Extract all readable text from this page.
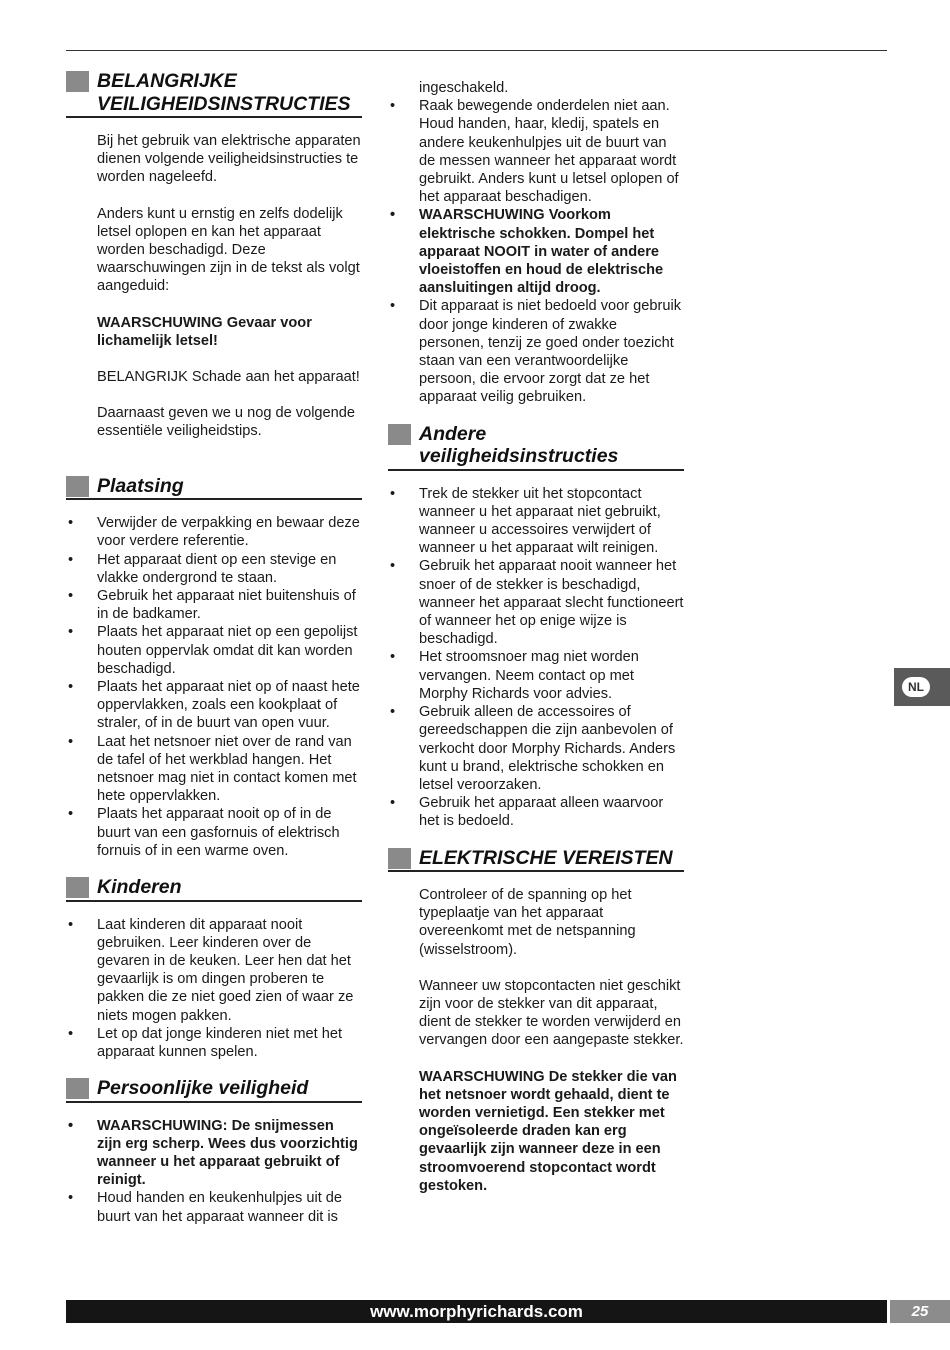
BELANGRIJKE
VEILIGHEIDSINSTRUCTIES

Bij het gebruik van elektrische apparaten dienen volgende veiligheidsinstructies te worden nageleefd.

Anders kunt u ernstig en zelfs dodelijk letsel oplopen en kan het apparaat worden beschadigd. Deze waarschuwingen zijn in de tekst als volgt aangeduid:

WAARSCHUWING Gevaar voor lichamelijk letsel!

BELANGRIJK Schade aan het apparaat!

Daarnaast geven we u nog de volgende essentiële veiligheidstips.

Plaatsing
• Verwijder de verpakking en bewaar deze voor verdere referentie.
• Het apparaat dient op een stevige en vlakke ondergrond te staan.
• Gebruik het apparaat niet buitenshuis of in de badkamer.
• Plaats het apparaat niet op een gepolijst houten oppervlak omdat dit kan worden beschadigd.
• Plaats het apparaat niet op of naast hete oppervlakken, zoals een kookplaat of straler, of in de buurt van open vuur.
• Laat het netsnoer niet over de rand van de tafel of het werkblad hangen. Het netsnoer mag niet in contact komen met hete oppervlakken.
• Plaats het apparaat nooit op of in de buurt van een gasfornuis of elektrisch fornuis of in een warme oven.
Kinderen
• Laat kinderen dit apparaat nooit gebruiken. Leer kinderen over de gevaren in de keuken. Leer hen dat het gevaarlijk is om dingen proberen te pakken die ze niet goed zien of waar ze niets mogen pakken.
• Let op dat jonge kinderen niet met het apparaat kunnen spelen.
Persoonlijke veiligheid
• WAARSCHUWING: De snijmessen zijn erg scherp. Wees dus voorzichtig wanneer u het apparaat gebruikt of reinigt.
• Houd handen en keukenhulpjes uit de buurt van het apparaat wanneer dit is

ingeschakeld.

• Raak bewegende onderdelen niet aan. Houd handen, haar, kledij, spatels en andere keukenhulpjes uit de buurt van de messen wanneer het apparaat wordt gebruikt. Anders kunt u letsel oplopen of het apparaat beschadigen.
• WAARSCHUWING Voorkom elektrische schokken. Dompel het apparaat NOOIT in water of andere vloeistoffen en houd de elektrische aansluitingen altijd droog.
• Dit apparaat is niet bedoeld voor gebruik door jonge kinderen of zwakke personen, tenzij ze goed onder toezicht staan van een verantwoordelijke persoon, die ervoor zorgt dat ze het apparaat veilig gebruiken.
Andere
veiligheidsinstructies
• Trek de stekker uit het stopcontact wanneer u het apparaat niet gebruikt, wanneer u accessoires verwijdert of wanneer u het apparaat wilt reinigen.
• Gebruik het apparaat nooit wanneer het snoer of de stekker is beschadigd, wanneer het apparaat slecht functioneert of wanneer het op enige wijze is beschadigd.
• Het stroomsnoer mag niet worden vervangen. Neem contact op met Morphy Richards voor advies.
• Gebruik alleen de accessoires of gereedschappen die zijn aanbevolen of verkocht door Morphy Richards. Anders kunt u brand, elektrische schokken en letsel veroorzaken.
• Gebruik het apparaat alleen waarvoor het is bedoeld.
ELEKTRISCHE VEREISTEN

Controleer of de spanning op het typeplaatje van het apparaat overeenkomt met de netspanning (wisselstroom).

Wanneer uw stopcontacten niet geschikt zijn voor de stekker van dit apparaat, dient de stekker te worden verwijderd en vervangen door een aangepaste stekker.

WAARSCHUWING De stekker die van het netsnoer wordt gehaald, dient te worden vernietigd. Een stekker met ongeïsoleerde draden kan erg gevaarlijk zijn wanneer deze in een stroomvoerend stopcontact wordt gestoken.

NL
www.morphyrichards.com	25
